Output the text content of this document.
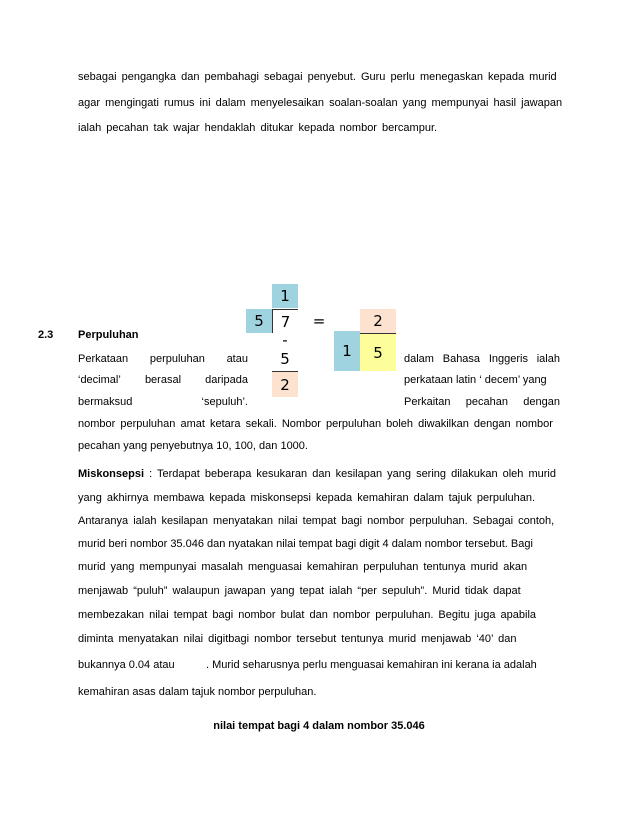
sebagai pengangka dan pembahagi sebagai penyebut. Guru perlu menegaskan kepada murid
agar mengingati rumus ini dalam menyelesaikan soalan-soalan yang mempunyai hasil jawapan
ialah pecahan tak wajar hendaklah ditukar kepada nombor bercampur.
2.3 Perpuluhan
Perkataan perpuluhan atau
‘decimal’ berasal daripada
bermaksud	‘sepuluh’.
dalam Bahasa Inggeris ialah
perkataan latin ‘ decem’ yang
Perkaitan pecahan dengan
nombor perpuluhan amat ketara sekali. Nombor perpuluhan boleh diwakilkan dengan nombor
pecahan yang penyebutnya 10, 100, dan 1000.
1
5	7
-
5
2
=
1
2
5
Miskonsepsi : Terdapat beberapa kesukaran dan kesilapan yang sering dilakukan oleh murid
yang akhirnya membawa kepada miskonsepsi kepada kemahiran dalam tajuk perpuluhan.
Antaranya ialah kesilapan menyatakan nilai tempat bagi nombor perpuluhan. Sebagai contoh,
murid beri nombor 35.046 dan nyatakan nilai tempat bagi digit 4 dalam nombor tersebut. Bagi
murid yang mempunyai masalah menguasai kemahiran perpuluhan tentunya murid akan
menjawab “puluh” walaupun jawapan yang tepat ialah “per sepuluh”. Murid tidak dapat
membezakan nilai tempat bagi nombor bulat dan nombor perpuluhan. Begitu juga apabila
diminta menyatakan nilai digitbagi nombor tersebut tentunya murid menjawab ‘40’ dan
bukannya 0.04 atau	. Murid seharusnya perlu menguasai kemahiran ini kerana ia adalah
kemahiran asas dalam tajuk nombor perpuluhan.
nilai tempat bagi 4 dalam nombor 35.046
